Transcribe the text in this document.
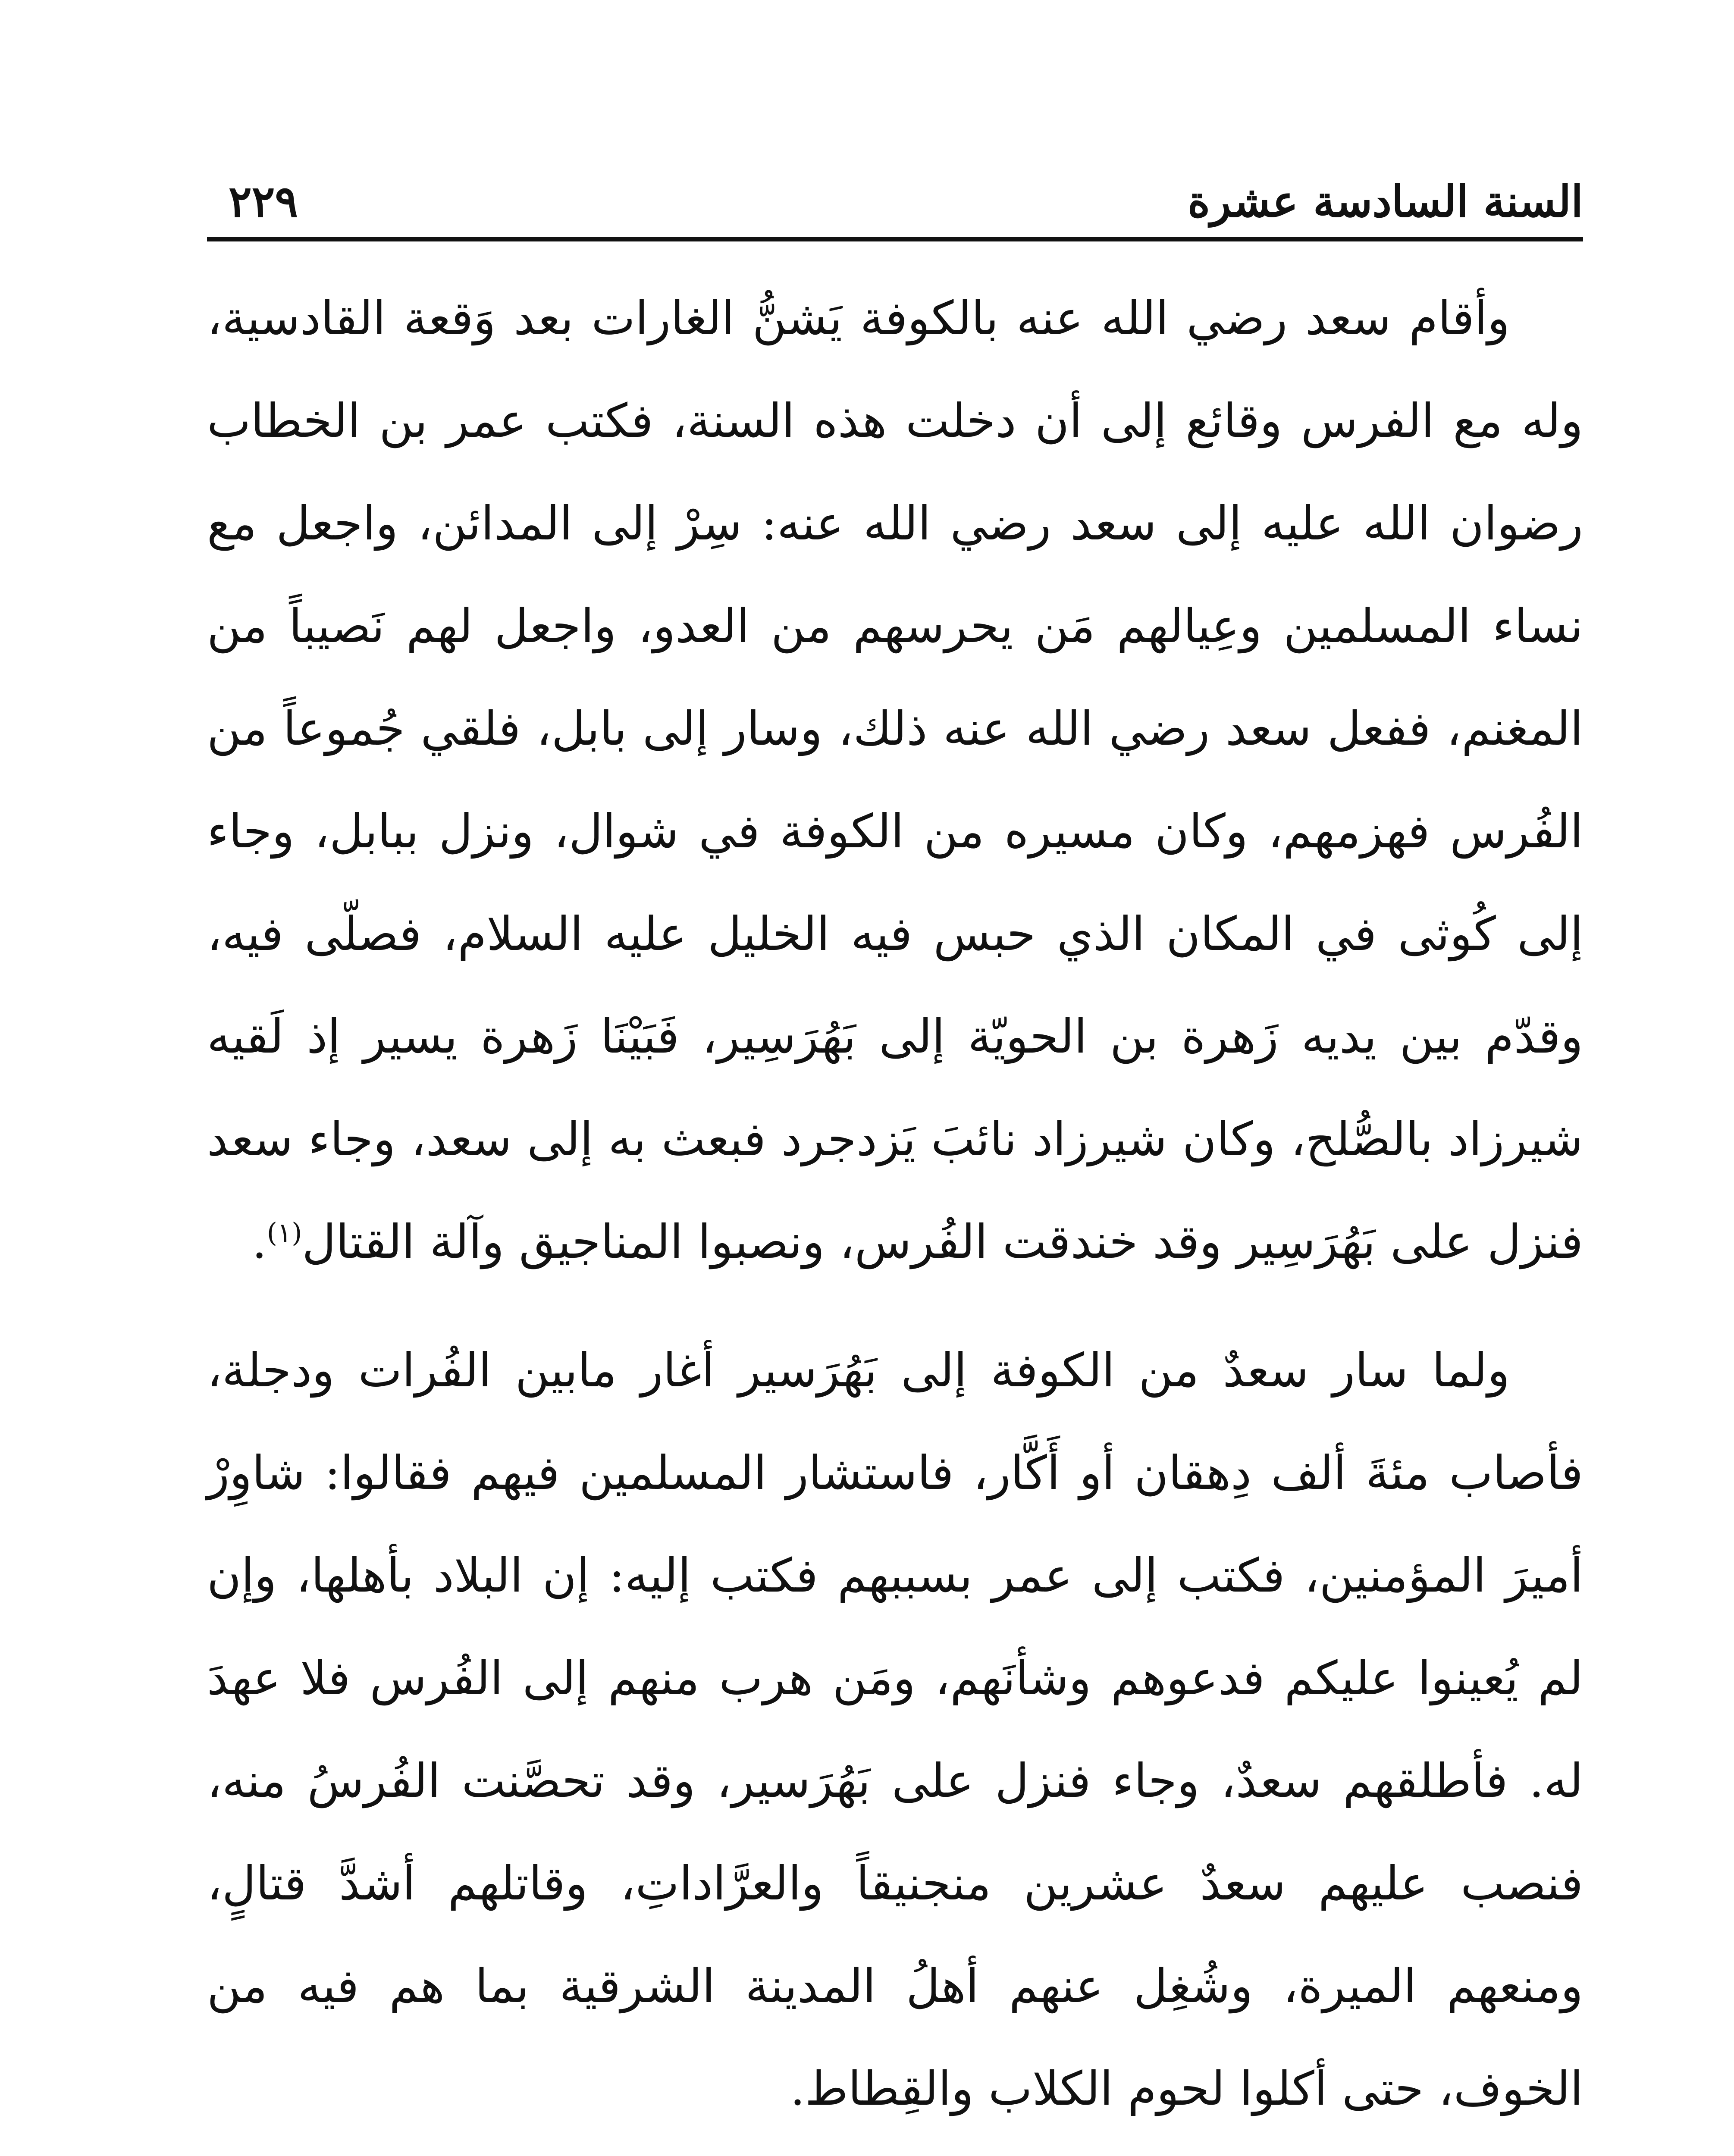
السنة السادسة عشرة
٢٢٩

وأقام سعد رضي الله عنه بالكوفة يَشنُّ الغارات بعد وَقعة القادسية، وله مع الفرس وقائع إلى أن دخلت هذه السنة، فكتب عمر بن الخطاب رضوان الله عليه إلى سعد رضي الله عنه: سِرْ إلى المدائن، واجعل مع نساء المسلمين وعِيالهم مَن يحرسهم من العدو، واجعل لهم نَصيباً من المغنم، ففعل سعد رضي الله عنه ذلك، وسار إلى بابل، فلقي جُموعاً من الفُرس فهزمهم، وكان مسيره من الكوفة في شوال، ونزل ببابل، وجاء إلى كُوثى في المكان الذي حبس فيه الخليل عليه السلام، فصلّى فيه، وقدّم بين يديه زَهرة بن الحويّة إلى بَهُرَسِير، فَبَيْنَا زَهرة يسير إذ لَقيه شيرزاد بالصُّلح، وكان شيرزاد نائبَ يَزدجرد فبعث به إلى سعد، وجاء سعد فنزل على بَهُرَسِير وقد خندقت الفُرس، ونصبوا المناجيق وآلة القتال$^{(١)}$.

ولما سار سعدٌ من الكوفة إلى بَهُرَسير أغار مابين الفُرات ودجلة، فأصاب مئةَ ألف دِهقان أو أَكَّار، فاستشار المسلمين فيهم فقالوا: شاوِرْ أميرَ المؤمنين، فكتب إلى عمر بسببهم فكتب إليه: إن البلاد بأهلها، وإن لم يُعينوا عليكم فدعوهم وشأنَهم، ومَن هرب منهم إلى الفُرس فلا عهدَ له. فأطلقهم سعدٌ، وجاء فنزل على بَهُرَسير، وقد تحصَّنت الفُرسُ منه، فنصب عليهم سعدٌ عشرين منجنيقاً والعرَّاداتِ، وقاتلهم أشدَّ قتالٍ، ومنعهم الميرة، وشُغِل عنهم أهلُ المدينة الشرقية بما هم فيه من الخوف، حتى أكلوا لحوم الكلاب والقِطاط.
